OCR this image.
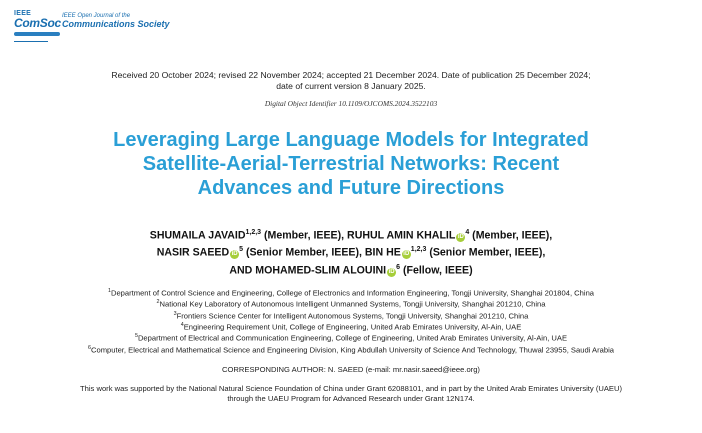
IEEE
ComSoc IEEE Open Journal of the
Communications Society
Received 20 October 2024; revised 22 November 2024; accepted 21 December 2024. Date of publication 25 December 2024;
date of current version 8 January 2025.
Digital Object Identifier 10.1109/OJCOMS.2024.3522103
Leveraging Large Language Models for Integrated
Satellite-Aerial-Terrestrial Networks: Recent
Advances and Future Directions
SHUMAILA JAVAID$^{1,2,3}$ (Member, IEEE), RUHUL AMIN KHALIL $iD^4$ (Member, IEEE),
NASIR SAEED $iD^5$ (Senior Member, IEEE), BIN HE iD$^{1,2,3}$ (Senior Member, IEEE),
AND MOHAMED-SLIM ALOUINI $iD^6$ (Fellow, IEEE)
$^1$Department of Control Science and Engineering, College of Electronics and Information Engineering, Tongji University, Shanghai 201804, China
$^2$National Key Laboratory of Autonomous Intelligent Unmanned Systems, Tongji University, Shanghai 201210, China
$^3$Frontiers Science Center for Intelligent Autonomous Systems, Tongji University, Shanghai 201210, China
$^4$Engineering Requirement Unit, College of Engineering, United Arab Emirates University, Al-Ain, UAE
$^5$Department of Electrical and Communication Engineering, College of Engineering, United Arab Emirates University, Al-Ain, UAE
$^6$Computer, Electrical and Mathematical Science and Engineering Division, King Abdullah University of Science And Technology, Thuwal 23955, Saudi Arabia
CORRESPONDING AUTHOR: N. SAEED (e-mail: mr.nasir.saeed@ieee.org)
This work was supported by the National Natural Science Foundation of China under Grant 62088101, and in part by the United Arab Emirates University (UAEU)
through the UAEU Program for Advanced Research under Grant 12N174.
